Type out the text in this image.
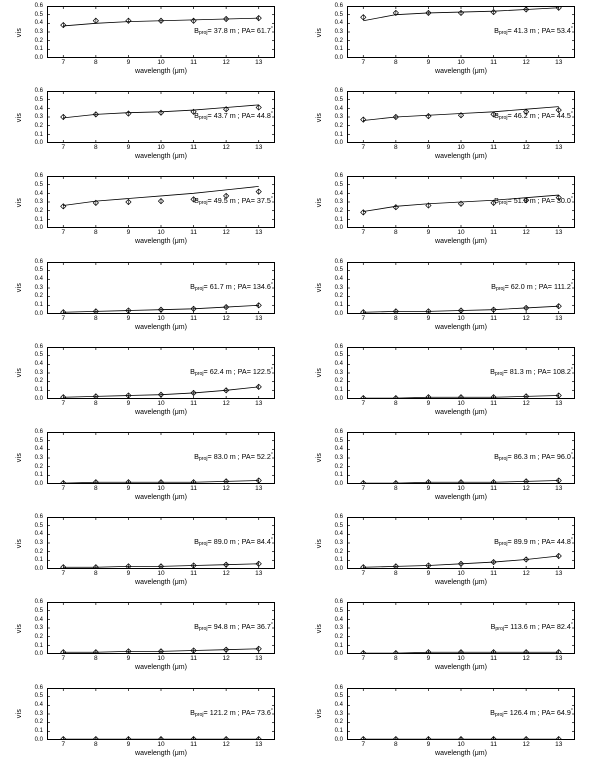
vis
0.0
0.1
0.2
0.3
0.4
0.5
0.6
7	8	9	10	11	12	13
wavelength (μm)
$B_{proj}= 37.8$ m ; PA= 61.7°	vis
0.0
0.1
0.2
0.3
0.4
0.5
0.6
7	8	9	10	11	12	13
wavelength (μm)
$B_{proj}= 41.3$ m ; PA= 53.4°
vis
0.0
0.1
0.2
0.3
0.4
0.5
0.6
7	8	9	10	11	12	13
wavelength (μm)
$B_{proj}= 43.7$ m ; PA= 44.8°	vis
0.0
0.1
0.2
0.3
0.4
0.5
0.6
7	8	9	10	11	12	13
wavelength (μm)
$B_{proj}= 46.2$ m ; PA= 44.5°
vis
0.0
0.1
0.2
0.3
0.4
0.5
0.6
7	8	9	10	11	12	13
wavelength (μm)
$B_{proj}= 49.5$ m ; PA= 37.5°	vis
0.0
0.1
0.2
0.3
0.4
0.5
0.6
7	8	9	10	11	12	13
wavelength (μm)
$B_{proj}= 51.9$ m ; PA= 30.0°
vis
0.0
0.1
0.2
0.3
0.4
0.5
0.6
7	8	9	10	11	12	13
wavelength (μm)
$B_{proj}= 61.7$ m ; PA= 134.6°	vis
0.0
0.1
0.2
0.3
0.4
0.5
0.6
7	8	9	10	11	12	13
wavelength (μm)
$B_{proj}= 62.0$ m ; PA= 111.2°
vis
0.0
0.1
0.2
0.3
0.4
0.5
0.6
7	8	9	10	11	12	13
wavelength (μm)
$B_{proj}= 62.4$ m ; PA= 122.5°	vis
0.0
0.1
0.2
0.3
0.4
0.5
0.6
7	8	9	10	11	12	13
wavelength (μm)
$B_{proj}= 81.3$ m ; PA= 108.2°
vis
0.0
0.1
0.2
0.3
0.4
0.5
0.6
7	8	9	10	11	12	13
wavelength (μm)
$B_{proj}= 83.0$ m ; PA= 52.2°	vis
0.0
0.1
0.2
0.3
0.4
0.5
0.6
7	8	9	10	11	12	13
wavelength (μm)
$B_{proj}= 86.3$ m ; PA= 96.0°
vis
0.0
0.1
0.2
0.3
0.4
0.5
0.6
7	8	9	10	11	12	13
wavelength (μm)
$B_{proj}= 89.0$ m ; PA= 84.4°	vis
0.0
0.1
0.2
0.3
0.4
0.5
0.6
7	8	9	10	11	12	13
wavelength (μm)
$B_{proj}= 89.9$ m ; PA= 44.8°
vis
0.0
0.1
0.2
0.3
0.4
0.5
0.6
7	8	9	10	11	12	13
wavelength (μm)
$B_{proj}= 94.8$ m ; PA= 36.7°	vis
0.0
0.1
0.2
0.3
0.4
0.5
0.6
7	8	9	10	11	12	13
wavelength (μm)
$B_{proj}= 113.6$ m ; PA= 82.4°
vis
0.0
0.1
0.2
0.3
0.4
0.5
0.6
7	8	9	10	11	12	13
wavelength (μm)
$B_{proj}= 121.2$ m ; PA= 73.6°	vis
0.0
0.1
0.2
0.3
0.4
0.5
0.6
7	8	9	10	11	12	13
wavelength (μm)
$B_{proj}= 126.4$ m ; PA= 64.9°
